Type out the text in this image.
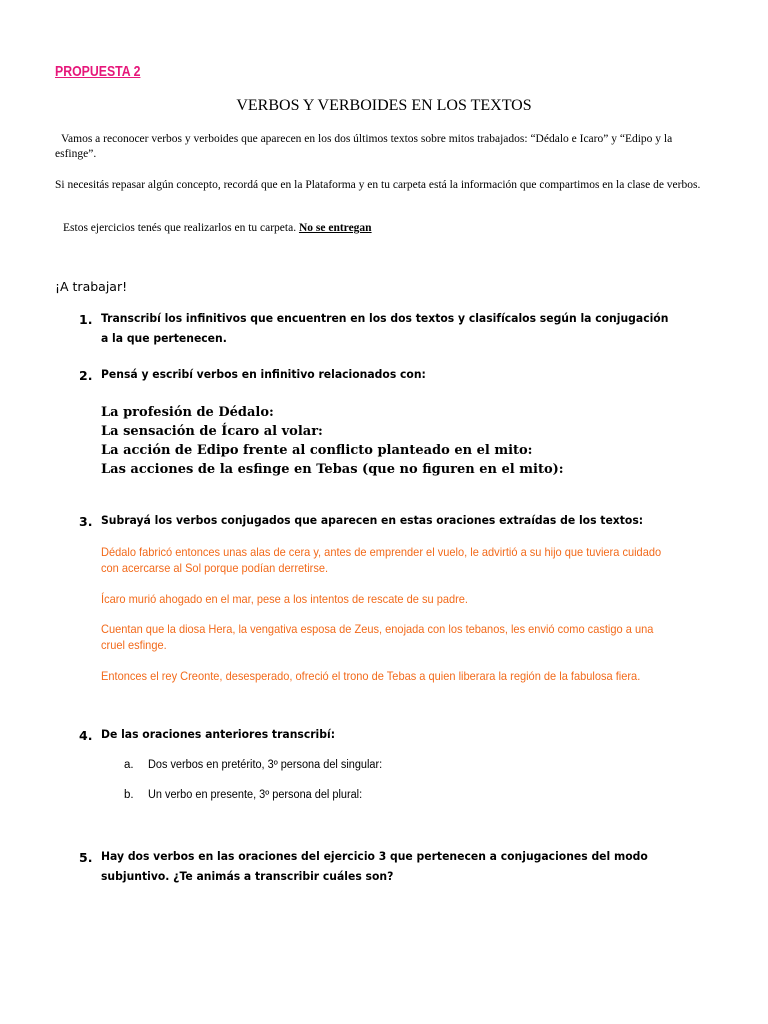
PROPUESTA 2
VERBOS Y VERBOIDES EN LOS TEXTOS
Vamos a reconocer verbos y verboides que aparecen en los dos últimos textos sobre mitos trabajados: “Dédalo e Icaro” y “Edipo y la esfinge”.
Si necesitás repasar algún concepto, recordá que en la Plataforma y en tu carpeta está la información que compartimos en la clase de verbos.
Estos ejercicios tenés que realizarlos en tu carpeta. No se entregan
¡A trabajar!
1. Transcribí los infinitivos que encuentren en los dos textos y clasifícalos según la conjugación a la que pertenecen.
2. Pensá y escribí verbos en infinitivo relacionados con:
La profesión de Dédalo:
La sensación de Ícaro al volar:
La acción de Edipo frente al conflicto planteado en el mito:
Las acciones de la esfinge en Tebas (que no figuren en el mito):
3. Subrayá los verbos conjugados que aparecen en estas oraciones extraídas de los textos:
Dédalo fabricó entonces unas alas de cera y, antes de emprender el vuelo, le advirtió a su hijo que tuviera cuidado con acercarse al Sol porque podían derretirse.
Ícaro murió ahogado en el mar, pese a los intentos de rescate de su padre.
Cuentan que la diosa Hera, la vengativa esposa de Zeus, enojada con los tebanos, les envió como castigo a una cruel esfinge.
Entonces el rey Creonte, desesperado, ofreció el trono de Tebas a quien liberara la región de la fabulosa fiera.
4. De las oraciones anteriores transcribí:
a. Dos verbos en pretérito, 3º persona del singular:
b. Un verbo en presente, 3º persona del plural:
5. Hay dos verbos en las oraciones del ejercicio 3 que pertenecen a conjugaciones del modo subjuntivo. ¿Te animás a transcribir cuáles son?
